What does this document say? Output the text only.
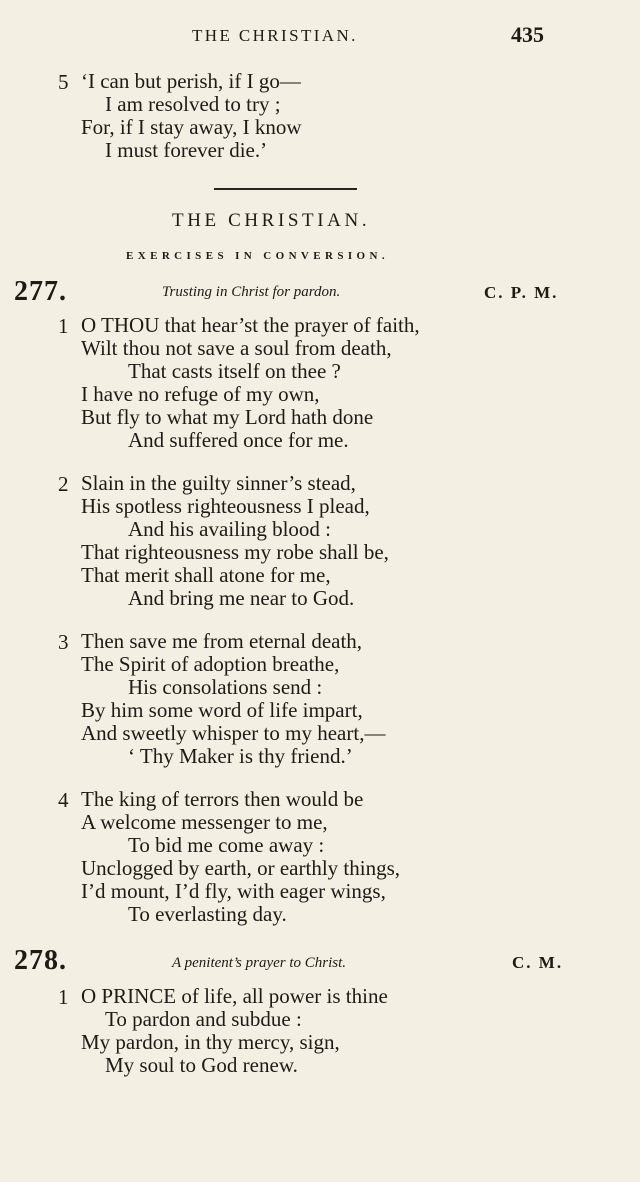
THE CHRISTIAN.	435
5 ‘I can but perish, if I go—
I am resolved to try ;
For, if I stay away, I know
I must forever die.’
THE CHRISTIAN.
EXERCISES IN CONVERSION.
277.	Trusting in Christ for pardon.	C. P. M.
1 O THOU that hear’st the prayer of faith,
Wilt thou not save a soul from death,
That casts itself on thee ?
I have no refuge of my own,
But fly to what my Lord hath done
And suffered once for me.
2 Slain in the guilty sinner’s stead,
His spotless righteousness I plead,
And his availing blood :
That righteousness my robe shall be,
That merit shall atone for me,
And bring me near to God.
3 Then save me from eternal death,
The Spirit of adoption breathe,
His consolations send :
By him some word of life impart,
And sweetly whisper to my heart,—
‘ Thy Maker is thy friend.’
4 The king of terrors then would be
A welcome messenger to me,
To bid me come away :
Unclogged by earth, or earthly things,
I’d mount, I’d fly, with eager wings,
To everlasting day.
278.	A penitent’s prayer to Christ.	C. M.
1 O PRINCE of life, all power is thine
To pardon and subdue :
My pardon, in thy mercy, sign,
My soul to God renew.
